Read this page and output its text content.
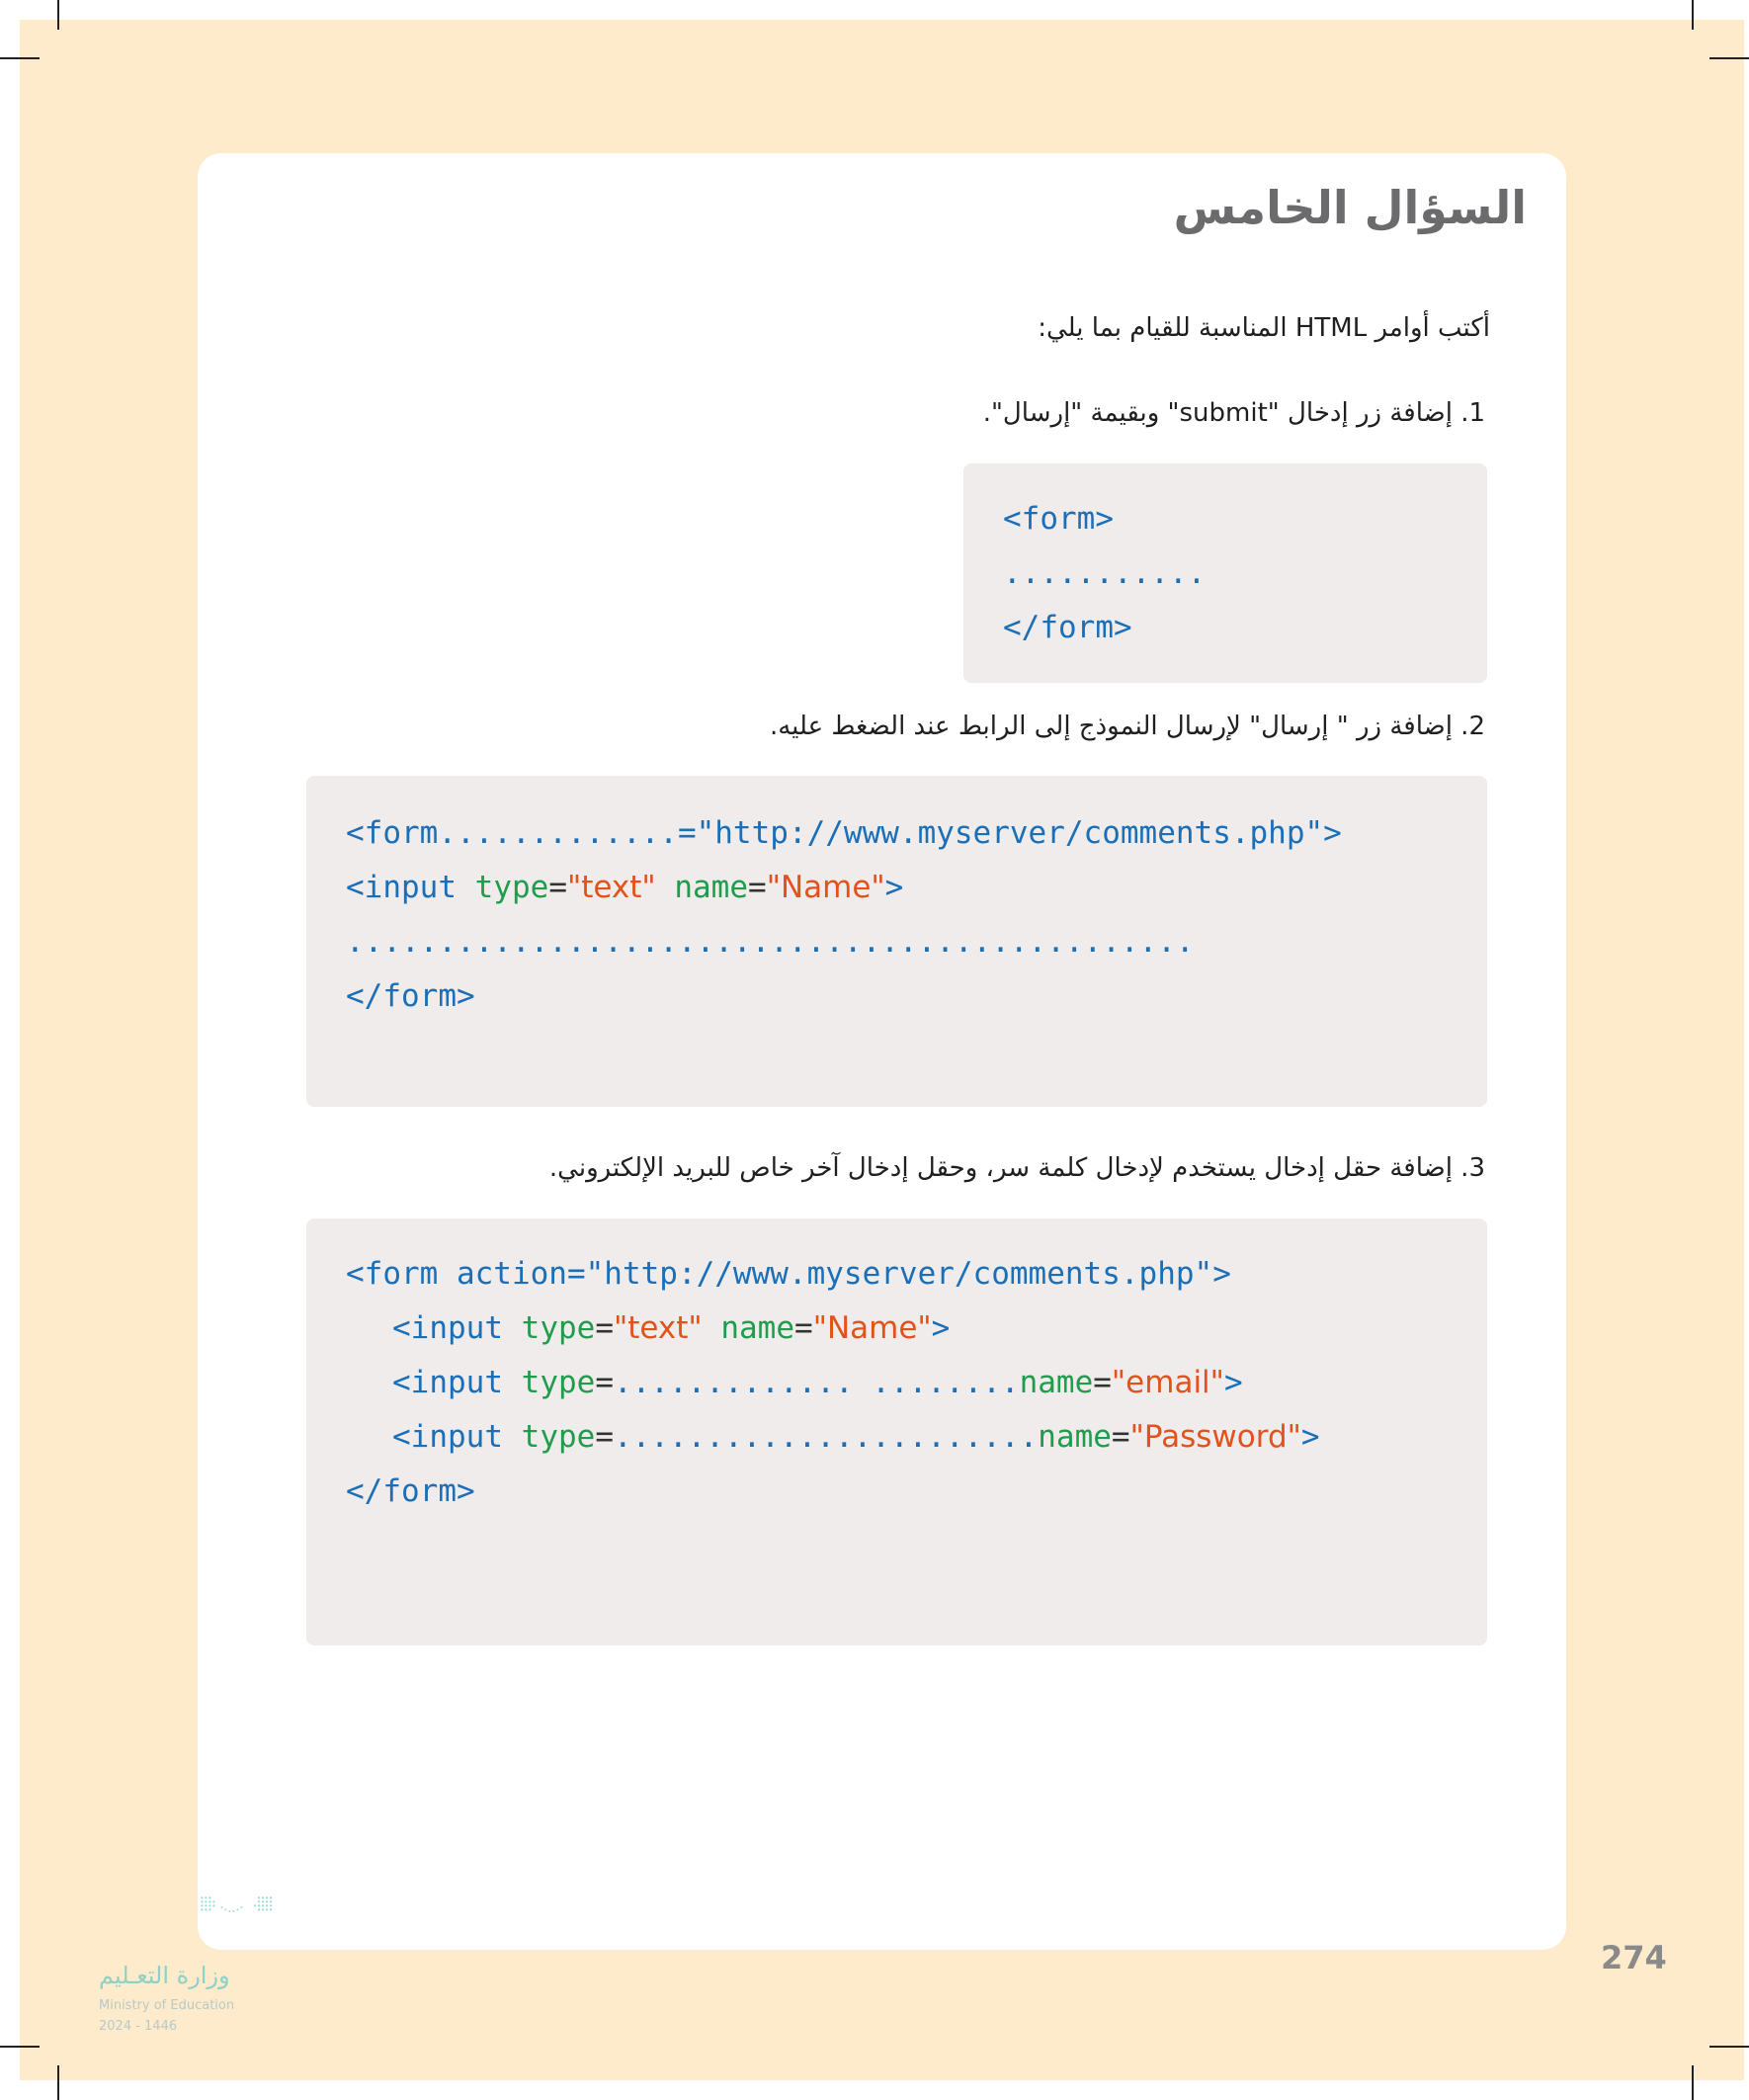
السؤال الخامس
أكتب أوامر HTML المناسبة للقيام بما يلي:
1. إضافة زر إدخال "submit" وبقيمة "إرسال".
<form>
...........
</form>
2. إضافة زر " إرسال" لإرسال النموذج إلى الرابط عند الضغط عليه.
<form.............="http://www.myserver/comments.php">
<input type="text" name="Name">
..............................................
</form>
3. إضافة حقل إدخال يستخدم لإدخال كلمة سر، وحقل إدخال آخر خاص للبريد الإلكتروني.
<form action="http://www.myserver/comments.php">
<input type="text" name="Name">
<input type=............. ........name="email">
<input type=.......................name="Password">
</form>
وزارة التعـليم
Ministry of Education
2024 - 1446
274
